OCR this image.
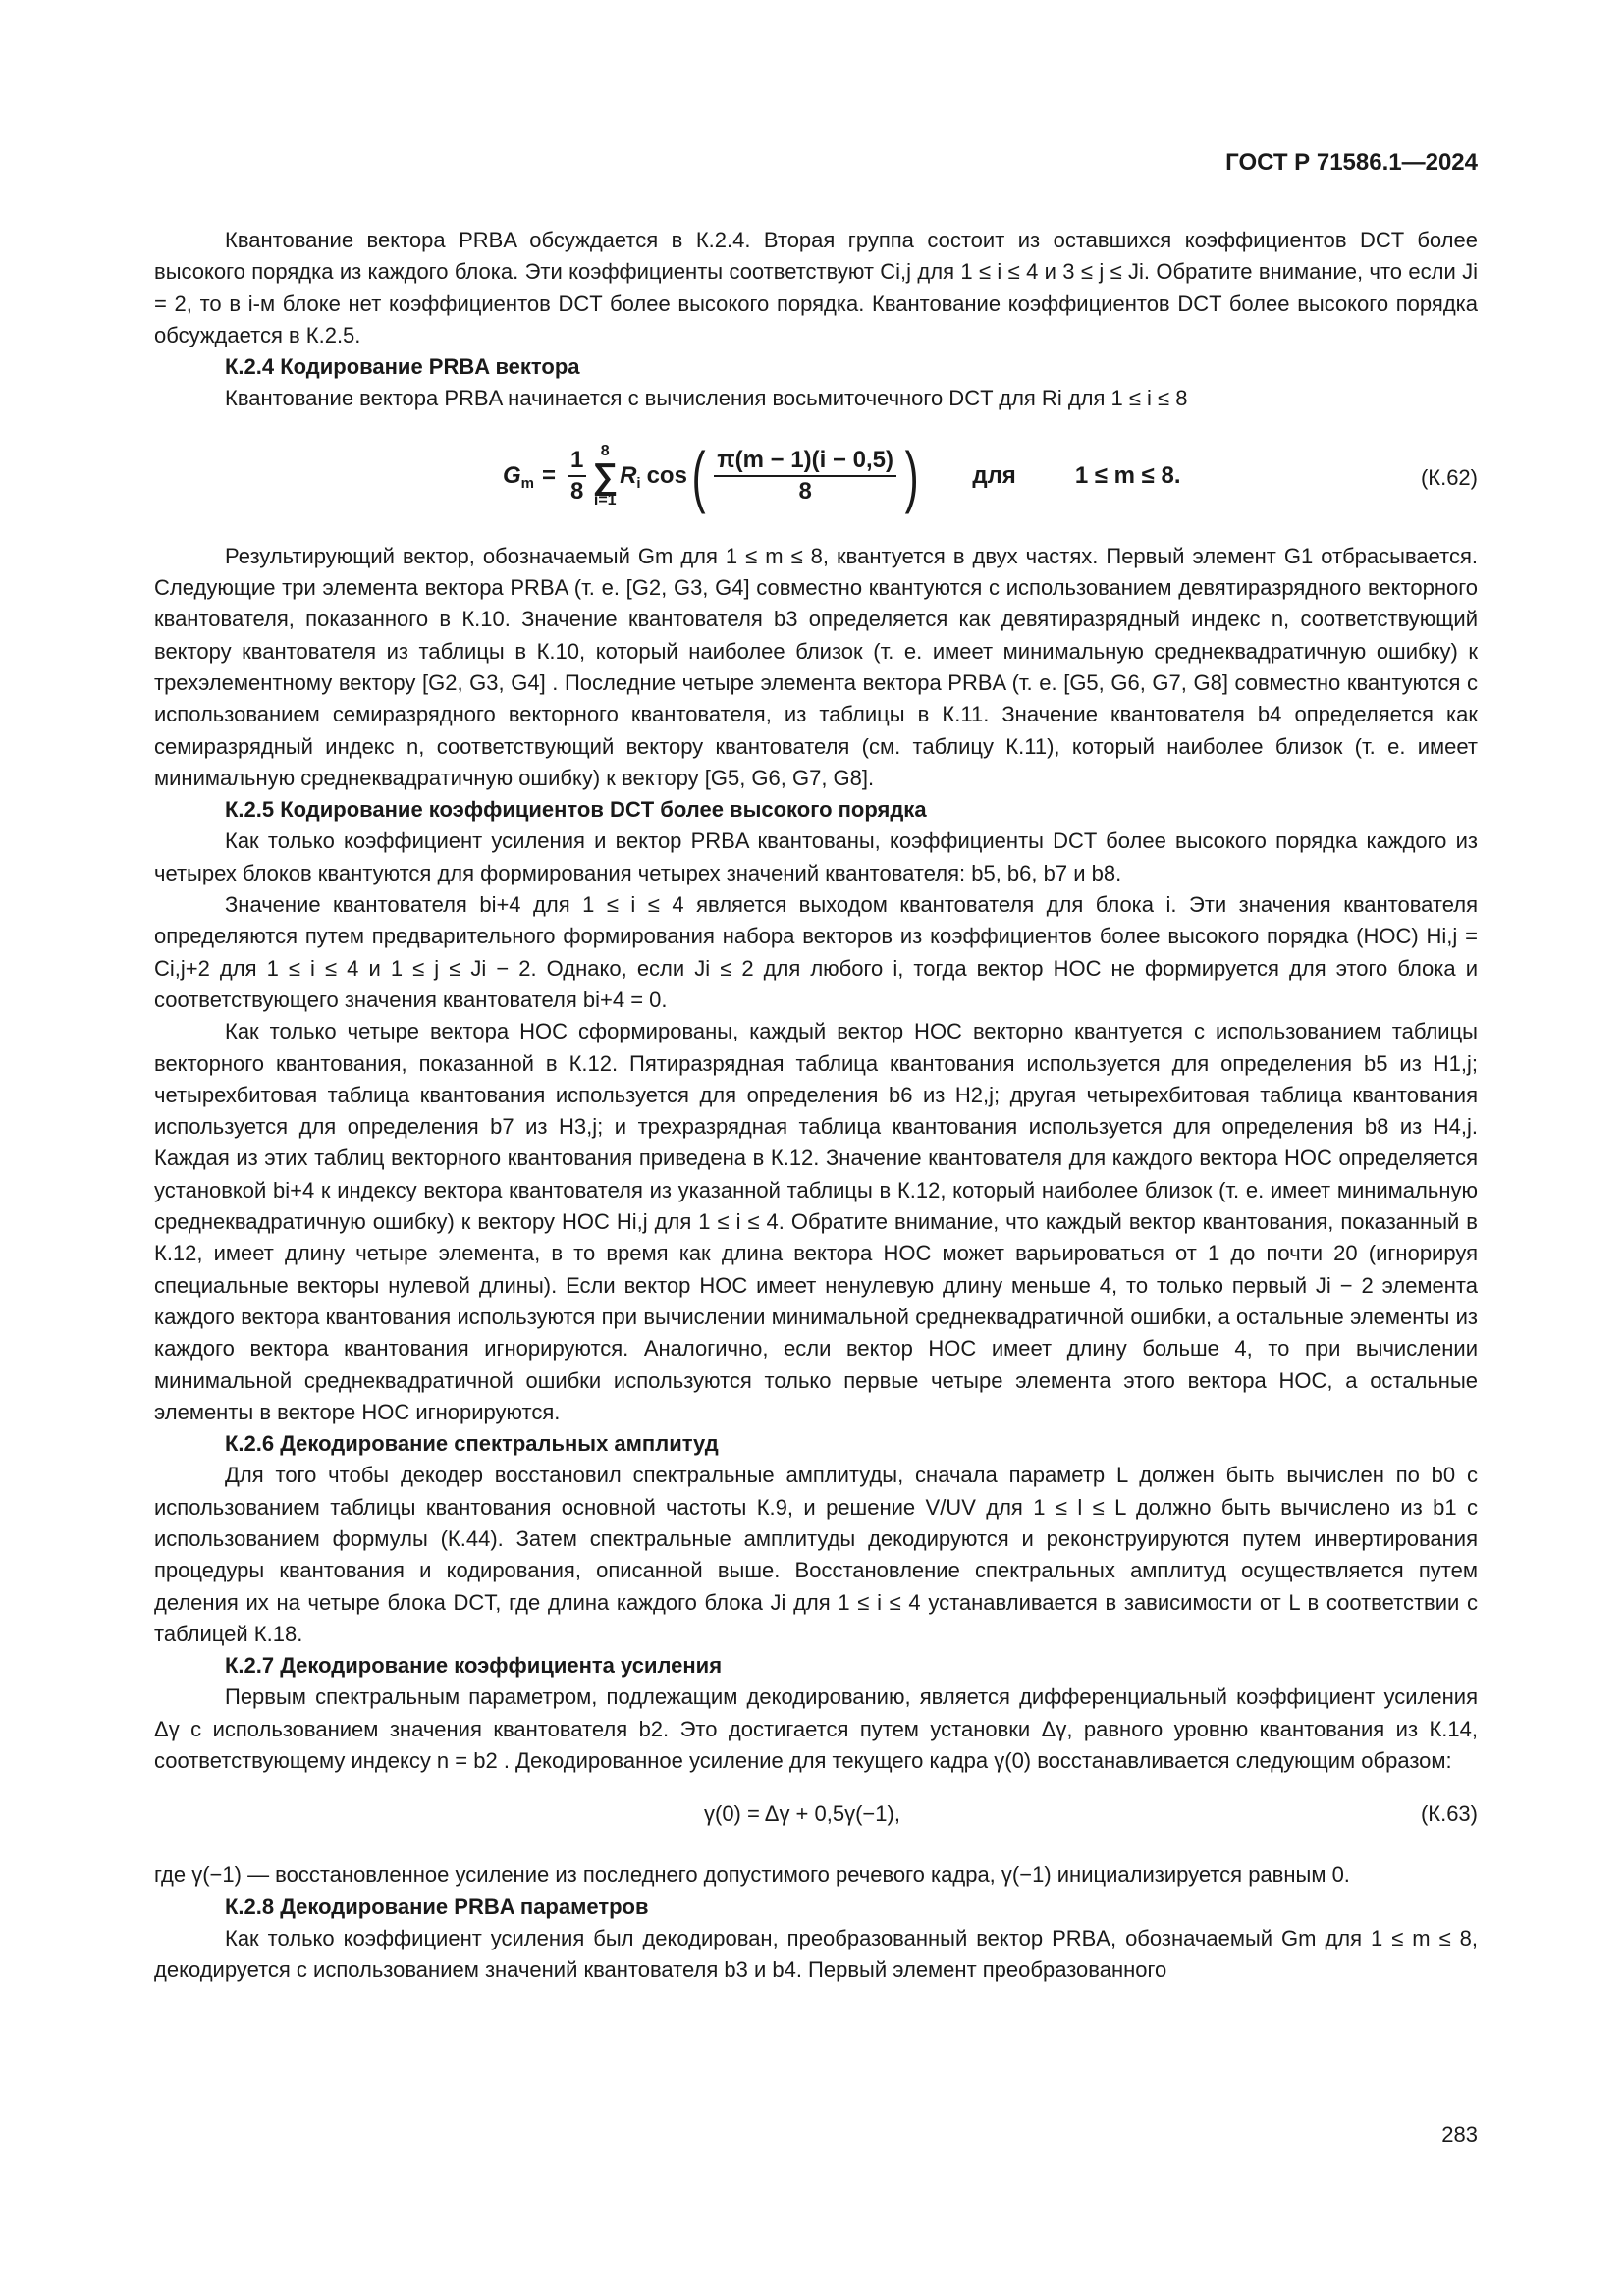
ГОСТ Р 71586.1—2024

Квантование вектора PRBA обсуждается в К.2.4. Вторая группа состоит из оставшихся коэффициентов DCT более высокого порядка из каждого блока. Эти коэффициенты соответствуют Ci,j для 1 ≤ i ≤ 4 и 3 ≤ j ≤ Ji. Обратите внимание, что если Ji = 2, то в i-м блоке нет коэффициентов DCT более высокого порядка. Квантование коэффициентов DCT более высокого порядка обсуждается в К.2.5.

К.2.4 Кодирование PRBA вектора

Квантование вектора PRBA начинается с вычисления восьмиточечного DCT для Ri для 1 ≤ i ≤ 8

$G_m = \frac{1}{8} 8$
∑
i=1
$R_i$ cos ( $\frac{\pi(m - 1)(i - 0,5)}{8}$ ) для	1 ≤ m ≤ 8.	(К.62)

Результирующий вектор, обозначаемый Gm для 1 ≤ m ≤ 8, квантуется в двух частях. Первый элемент G1 отбрасывается. Следующие три элемента вектора PRBA (т. е. [G2, G3, G4] совместно квантуются с использованием девятиразрядного векторного квантователя, показанного в К.10. Значение квантователя b3 определяется как девятиразрядный индекс n, соответствующий вектору квантователя из таблицы в К.10, который наиболее близок (т. е. имеет минимальную среднеквадратичную ошибку) к трехэлементному вектору [G2, G3, G4] . Последние четыре элемента вектора PRBA (т. е. [G5, G6, G7, G8] совместно квантуются с использованием семиразрядного векторного квантователя, из таблицы в К.11. Значение квантователя b4 определяется как семиразрядный индекс n, соответствующий вектору квантователя (см. таблицу К.11), который наиболее близок (т. е. имеет минимальную среднеквадратичную ошибку) к вектору [G5, G6, G7, G8].

К.2.5 Кодирование коэффициентов DCT более высокого порядка

Как только коэффициент усиления и вектор PRBA квантованы, коэффициенты DCT более высокого порядка каждого из четырех блоков квантуются для формирования четырех значений квантователя: b5, b6, b7 и b8.

Значение квантователя bi+4 для 1 ≤ i ≤ 4 является выходом квантователя для блока i. Эти значения квантователя определяются путем предварительного формирования набора векторов из коэффициентов более высокого порядка (НОС) Hi,j = Ci,j+2 для 1 ≤ i ≤ 4 и 1 ≤ j ≤ Ji − 2. Однако, если Ji ≤ 2 для любого i, тогда вектор НОС не формируется для этого блока и соответствующего значения квантователя bi+4 = 0.

Как только четыре вектора НОС сформированы, каждый вектор НОС векторно квантуется с использованием таблицы векторного квантования, показанной в К.12. Пятиразрядная таблица квантования используется для определения b5 из H1,j; четырехбитовая таблица квантования используется для определения b6 из H2,j; другая четырехбитовая таблица квантования используется для определения b7 из H3,j; и трехразрядная таблица квантования используется для определения b8 из H4,j. Каждая из этих таблиц векторного квантования приведена в К.12. Значение квантователя для каждого вектора НОС определяется установкой bi+4 к индексу вектора квантователя из указанной таблицы в К.12, который наиболее близок (т. е. имеет минимальную среднеквадратичную ошибку) к вектору НОС Hi,j для 1 ≤ i ≤ 4. Обратите внимание, что каждый вектор квантования, показанный в К.12, имеет длину четыре элемента, в то время как длина вектора НОС может варьироваться от 1 до почти 20 (игнорируя специальные векторы нулевой длины). Если вектор НОС имеет ненулевую длину меньше 4, то только первый Ji − 2 элемента каждого вектора квантования используются при вычислении минимальной среднеквадратичной ошибки, а остальные элементы из каждого вектора квантования игнорируются. Аналогично, если вектор НОС имеет длину больше 4, то при вычислении минимальной среднеквадратичной ошибки используются только первые четыре элемента этого вектора НОС, а остальные элементы в векторе НОС игнорируются.

К.2.6 Декодирование спектральных амплитуд

Для того чтобы декодер восстановил спектральные амплитуды, сначала параметр L должен быть вычислен по b0 с использованием таблицы квантования основной частоты К.9, и решение V/UV для 1 ≤ l ≤ L должно быть вычислено из b1 с использованием формулы (К.44). Затем спектральные амплитуды декодируются и реконструируются путем инвертирования процедуры квантования и кодирования, описанной выше. Восстановление спектральных амплитуд осуществляется путем деления их на четыре блока DCT, где длина каждого блока Ji для 1 ≤ i ≤ 4 устанавливается в зависимости от L в соответствии с таблицей К.18.

К.2.7 Декодирование коэффициента усиления

Первым спектральным параметром, подлежащим декодированию, является дифференциальный коэффициент усиления Δγ с использованием значения квантователя b2. Это достигается путем установки Δγ, равного уровню квантования из К.14, соответствующему индексу n = b2 . Декодированное усиление для текущего кадра γ(0) восстанавливается следующим образом:

γ(0) = Δγ + 0,5γ(−1),	(К.63)

где γ(−1) — восстановленное усиление из последнего допустимого речевого кадра, γ(−1) инициализируется равным 0.

К.2.8 Декодирование PRBA параметров

Как только коэффициент усиления был декодирован, преобразованный вектор PRBA, обозначаемый Gm для 1 ≤ m ≤ 8, декодируется с использованием значений квантователя b3 и b4. Первый элемент преобразованного

283
